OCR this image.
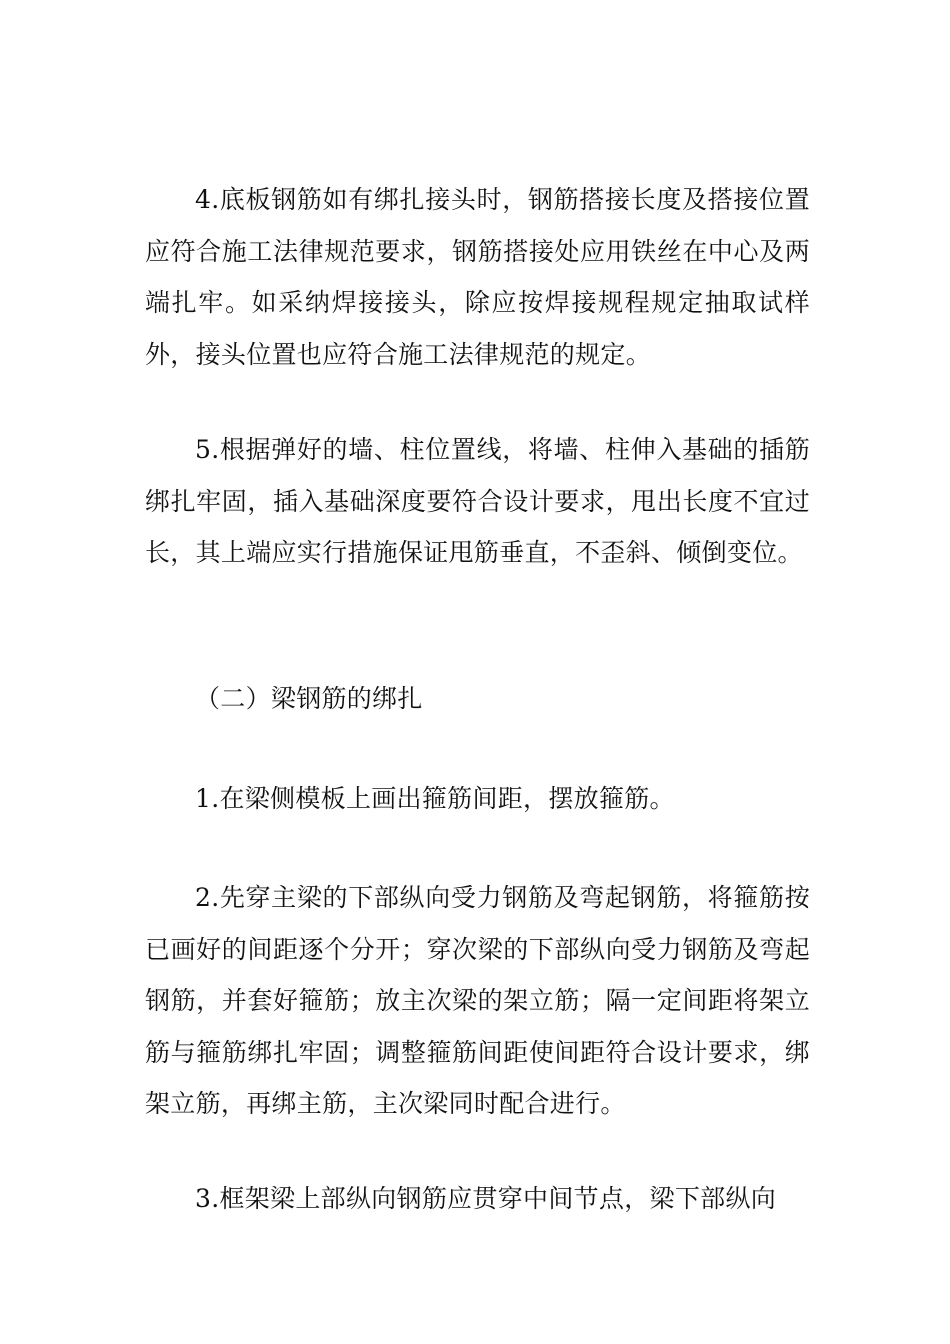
4.底板钢筋如有绑扎接头时，钢筋搭接长度及搭接位置应符合施工法律规范要求，钢筋搭接处应用铁丝在中心及两端扎牢。如采纳焊接接头，除应按焊接规程规定抽取试样外，接头位置也应符合施工法律规范的规定。

5.根据弹好的墙、柱位置线，将墙、柱伸入基础的插筋绑扎牢固，插入基础深度要符合设计要求，甩出长度不宜过长，其上端应实行措施保证甩筋垂直，不歪斜、倾倒变位。

（二）梁钢筋的绑扎

1.在梁侧模板上画出箍筋间距，摆放箍筋。

2.先穿主梁的下部纵向受力钢筋及弯起钢筋，将箍筋按已画好的间距逐个分开；穿次梁的下部纵向受力钢筋及弯起钢筋，并套好箍筋；放主次梁的架立筋；隔一定间距将架立筋与箍筋绑扎牢固；调整箍筋间距使间距符合设计要求，绑架立筋，再绑主筋，主次梁同时配合进行。

3.框架梁上部纵向钢筋应贯穿中间节点，梁下部纵向
